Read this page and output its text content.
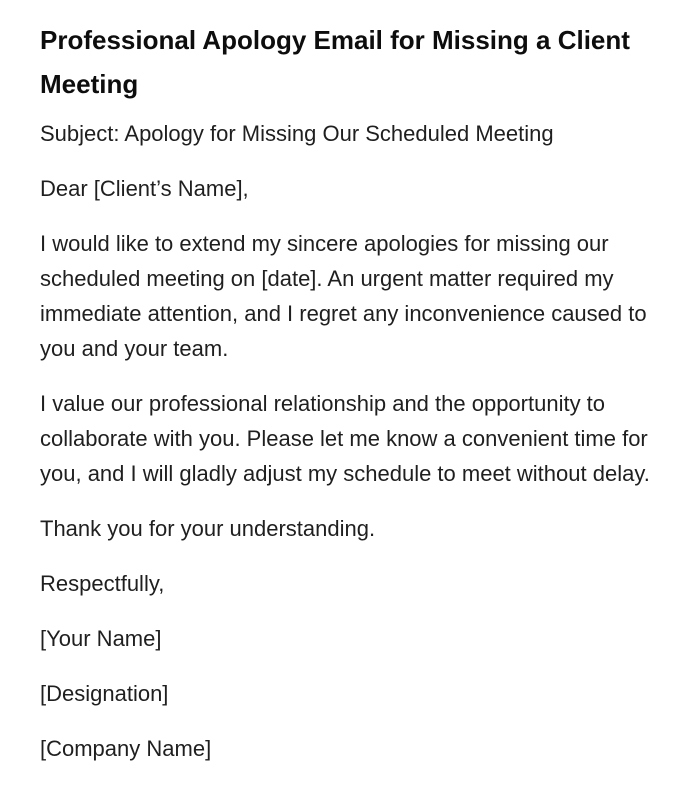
Professional Apology Email for Missing a Client Meeting

Subject: Apology for Missing Our Scheduled Meeting

Dear [Client’s Name],

I would like to extend my sincere apologies for missing our scheduled meeting on [date]. An urgent matter required my immediate attention, and I regret any inconvenience caused to you and your team.

I value our professional relationship and the opportunity to collaborate with you. Please let me know a convenient time for you, and I will gladly adjust my schedule to meet without delay.

Thank you for your understanding.

Respectfully,

[Your Name]

[Designation]

[Company Name]
